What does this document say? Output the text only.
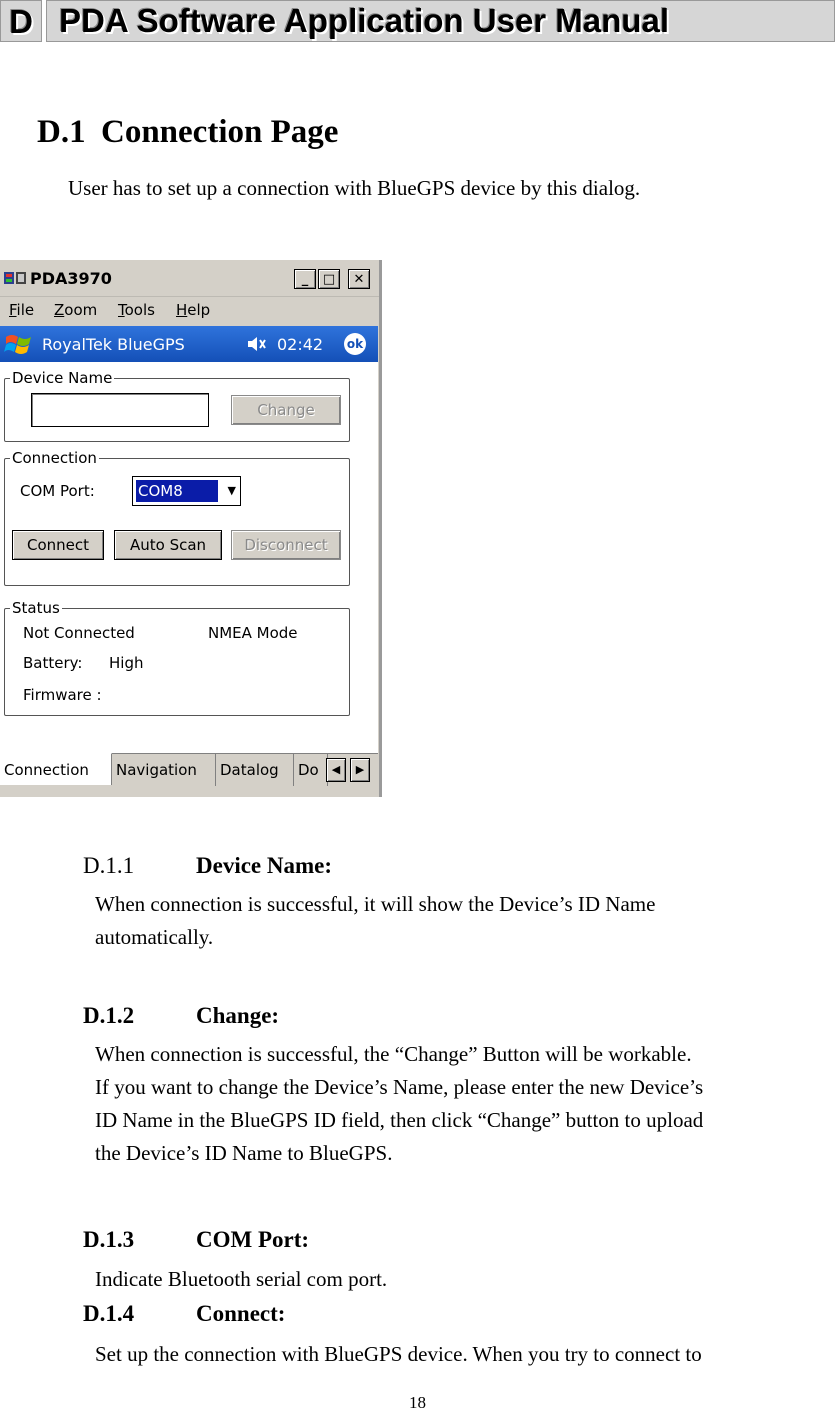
D PDA Software Application User Manual
D.1 Connection Page
User has to set up a connection with BlueGPS device by this dialog.
PDA3970	_	□	✕
File Zoom Tools Help
RoyalTek BlueGPS	02:42 ok
Device Name
Change
Connection
COM Port:	COM8	▼
Connect	Auto Scan	Disconnect
Status
Not Connected	NMEA Mode
Battery: High
Firmware :
Connection	Navigation	Datalog	Do	◀	▶
D.1.1	Device Name:

When connection is successful, it will show the Device’s ID Name

automatically.

D.1.2	Change:

When connection is successful, the “Change” Button will be workable.

If you want to change the Device’s Name, please enter the new Device’s

ID Name in the BlueGPS ID field, then click “Change” button to upload

the Device’s ID Name to BlueGPS.

D.1.3	COM Port:

Indicate Bluetooth serial com port.

D.1.4	Connect:

Set up the connection with BlueGPS device. When you try to connect to

18
